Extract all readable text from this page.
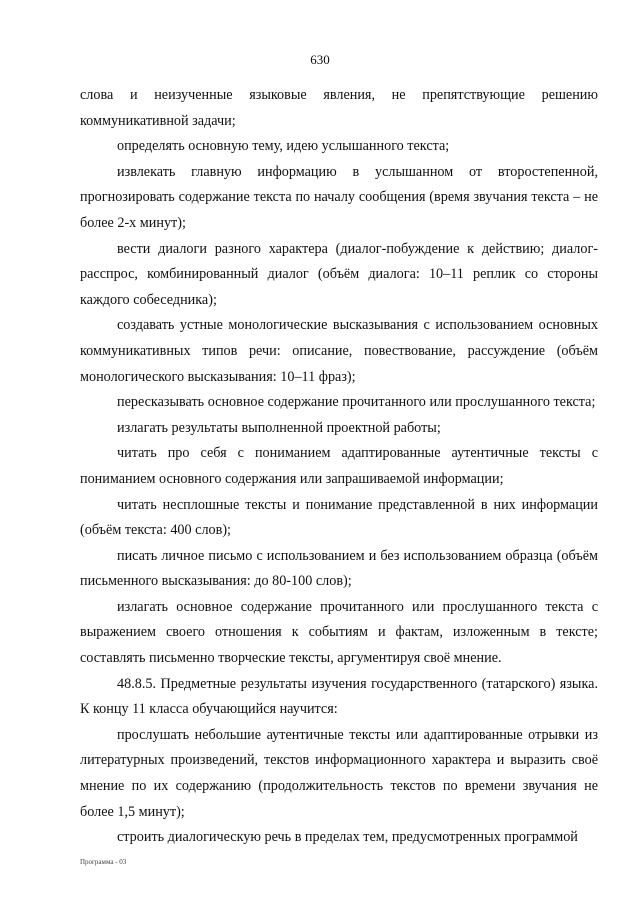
630

слова и неизученные языковые явления, не препятствующие решению коммуникативной задачи;

определять основную тему, идею услышанного текста;

извлекать главную информацию в услышанном от второстепенной, прогнозировать содержание текста по началу сообщения (время звучания текста – не более 2-х минут);

вести диалоги разного характера (диалог-побуждение к действию; диалог-расспрос, комбинированный диалог (объём диалога: 10–11 реплик со стороны каждого собеседника);

создавать устные монологические высказывания с использованием основных коммуникативных типов речи: описание, повествование, рассуждение (объём монологического высказывания: 10–11 фраз);

пересказывать основное содержание прочитанного или прослушанного текста;

излагать результаты выполненной проектной работы;

читать про себя с пониманием адаптированные аутентичные тексты с пониманием основного содержания или запрашиваемой информации;

читать несплошные тексты и понимание представленной в них информации (объём текста: 400 слов);

писать личное письмо с использованием и без использованием образца (объём письменного высказывания: до 80-100 слов);

излагать основное содержание прочитанного или прослушанного текста с выражением своего отношения к событиям и фактам, изложенным в тексте; составлять письменно творческие тексты, аргументируя своё мнение.

48.8.5. Предметные результаты изучения государственного (татарского) языка. К концу 11 класса обучающийся научится:

прослушать небольшие аутентичные тексты или адаптированные отрывки из литературных произведений, текстов информационного характера и выразить своё мнение по их содержанию (продолжительность текстов по времени звучания не более 1,5 минут);

строить диалогическую речь в пределах тем, предусмотренных программой

Программа - 03
